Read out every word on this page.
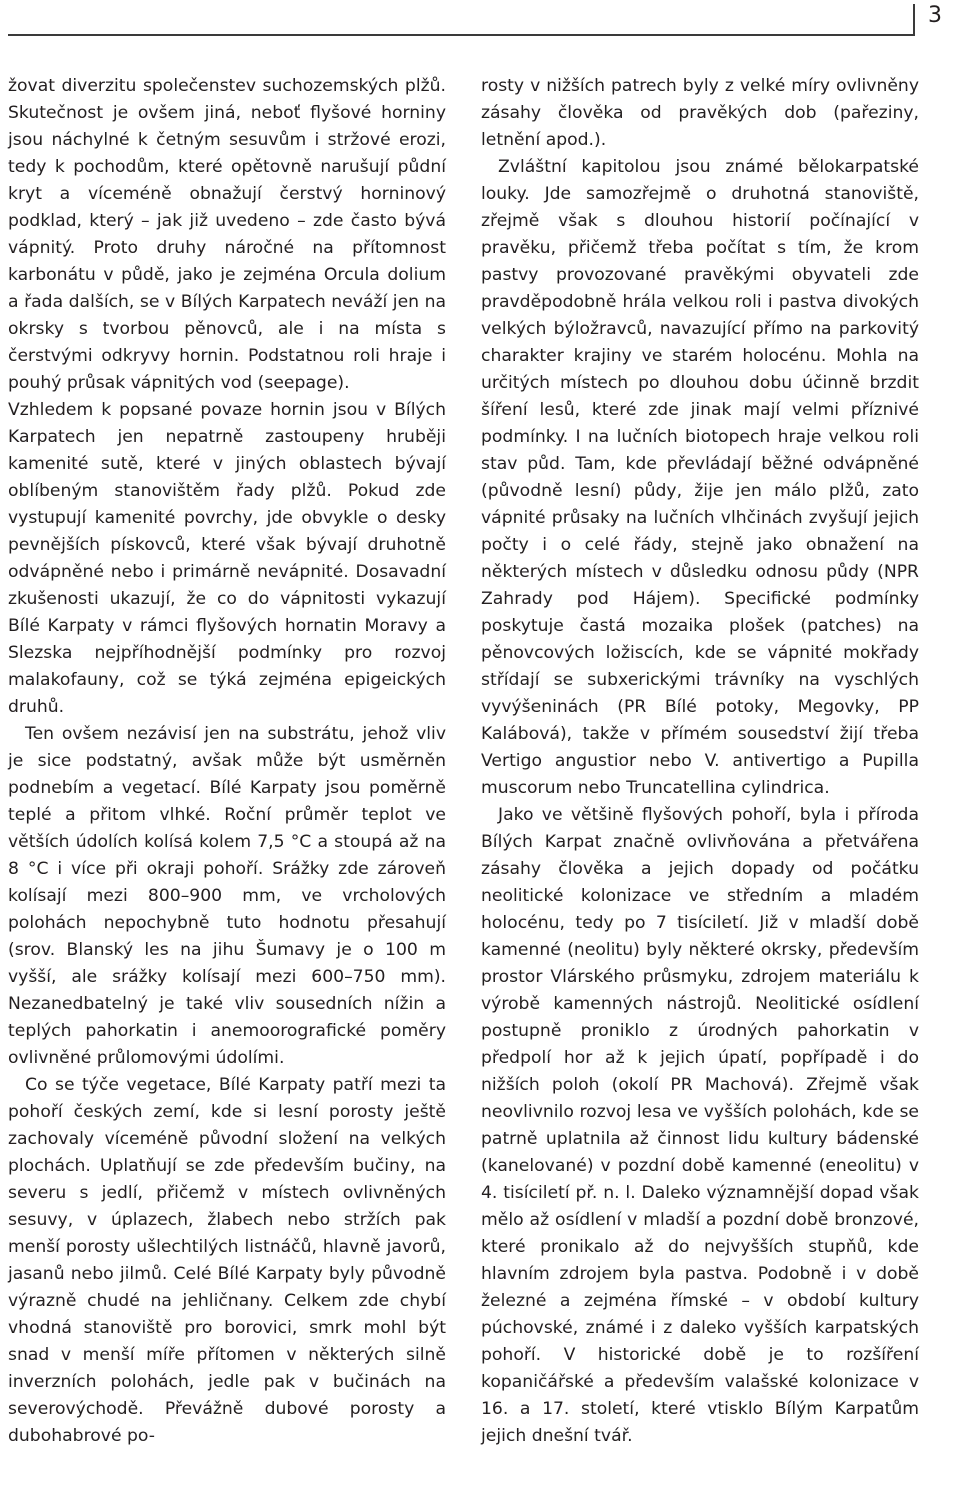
3

žovat diverzitu společenstev suchozemských plžů. Skutečnost je ovšem jiná, neboť flyšové horniny jsou náchylné k četným sesuvům i stržové erozi, tedy k pochodům, které opětovně narušují půdní kryt a víceméně obnažují čerstvý horninový podklad, který – jak již uvedeno – zde často bývá vápnitý. Proto druhy náročné na přítomnost karbonátu v půdě, jako je zejména Orcula dolium a řada dalších, se v Bílých Karpatech neváží jen na okrsky s tvorbou pěnovců, ale i na místa s čerstvými odkryvy hornin. Podstatnou roli hraje i pouhý průsak vápnitých vod (seepage).

Vzhledem k popsané povaze hornin jsou v Bílých Karpatech jen nepatrně zastoupeny hruběji kamenité sutě, které v jiných oblastech bývají oblíbeným stanovištěm řady plžů. Pokud zde vystupují kamenité povrchy, jde obvykle o desky pevnějších pískovců, které však bývají druhotně odvápněné nebo i primárně nevápnité. Dosavadní zkušenosti ukazují, že co do vápnitosti vykazují Bílé Karpaty v rámci flyšových hornatin Moravy a Slezska nejpříhodnější podmínky pro rozvoj malakofauny, což se týká zejména epigeických druhů.

Ten ovšem nezávisí jen na substrátu, jehož vliv je sice podstatný, avšak může být usměrněn podnebím a vegetací. Bílé Karpaty jsou poměrně teplé a přitom vlhké. Roční průměr teplot ve větších údolích kolísá kolem 7,5 °C a stoupá až na 8 °C i více při okraji pohoří. Srážky zde zároveň kolísají mezi 800–900 mm, ve vrcholových polohách nepochybně tuto hodnotu přesahují (srov. Blanský les na jihu Šumavy je o 100 m vyšší, ale srážky kolísají mezi 600–750 mm). Nezanedbatelný je také vliv sousedních nížin a teplých pahorkatin i anemoorografické poměry ovlivněné průlomovými údolími.

Co se týče vegetace, Bílé Karpaty patří mezi ta pohoří českých zemí, kde si lesní porosty ještě zachovaly víceméně původní složení na velkých plochách. Uplatňují se zde především bučiny, na severu s jedlí, přičemž v místech ovlivněných sesuvy, v úplazech, žlabech nebo stržích pak menší porosty ušlechtilých listnáčů, hlavně javorů, jasanů nebo jilmů. Celé Bílé Karpaty byly původně výrazně chudé na jehličnany. Celkem zde chybí vhodná stanoviště pro borovici, smrk mohl být snad v menší míře přítomen v některých silně inverzních polohách, jedle pak v bučinách na severovýchodě. Převážně dubové porosty a dubohabrové po-

rosty v nižších patrech byly z velké míry ovlivněny zásahy člověka od pravěkých dob (pařeziny, letnění apod.).

Zvláštní kapitolou jsou známé bělokarpatské louky. Jde samozřejmě o druhotná stanoviště, zřejmě však s dlouhou historií počínající v pravěku, přičemž třeba počítat s tím, že krom pastvy provozované pravěkými obyvateli zde pravděpodobně hrála velkou roli i pastva divokých velkých býložravců, navazující přímo na parkovitý charakter krajiny ve starém holocénu. Mohla na určitých místech po dlouhou dobu účinně brzdit šíření lesů, které zde jinak mají velmi příznivé podmínky. I na lučních biotopech hraje velkou roli stav půd. Tam, kde převládají běžné odvápněné (původně lesní) půdy, žije jen málo plžů, zato vápnité průsaky na lučních vlhčinách zvyšují jejich počty i o celé řády, stejně jako obnažení na některých místech v důsledku odnosu půdy (NPR Zahrady pod Hájem). Specifické podmínky poskytuje častá mozaika plošek (patches) na pěnovcových ložiscích, kde se vápnité mokřady střídají se subxerickými trávníky na vyschlých vyvýšeninách (PR Bílé potoky, Megovky, PP Kalábová), takže v přímém sousedství žijí třeba Vertigo angustior nebo V. antivertigo a Pupilla muscorum nebo Truncatellina cylindrica.

Jako ve většině flyšových pohoří, byla i příroda Bílých Karpat značně ovlivňována a přetvářena zásahy člověka a jejich dopady od počátku neolitické kolonizace ve středním a mladém holocénu, tedy po 7 tisíciletí. Již v mladší době kamenné (neolitu) byly některé okrsky, především prostor Vlárského průsmyku, zdrojem materiálu k výrobě kamenných nástrojů. Neolitické osídlení postupně proniklo z úrodných pahorkatin v předpolí hor až k jejich úpatí, popřípadě i do nižších poloh (okolí PR Machová). Zřejmě však neovlivnilo rozvoj lesa ve vyšších polohách, kde se patrně uplatnila až činnost lidu kultury bádenské (kanelované) v pozdní době kamenné (eneolitu) v 4. tisíciletí př. n. l. Daleko významnější dopad však mělo až osídlení v mladší a pozdní době bronzové, které pronikalo až do nejvyšších stupňů, kde hlavním zdrojem byla pastva. Podobně i v době železné a zejména římské – v období kultury púchovské, známé i z daleko vyšších karpatských pohoří. V historické době je to rozšíření kopaničářské a především valašské kolonizace v 16. a 17. století, které vtisklo Bílým Karpatům jejich dnešní tvář.
